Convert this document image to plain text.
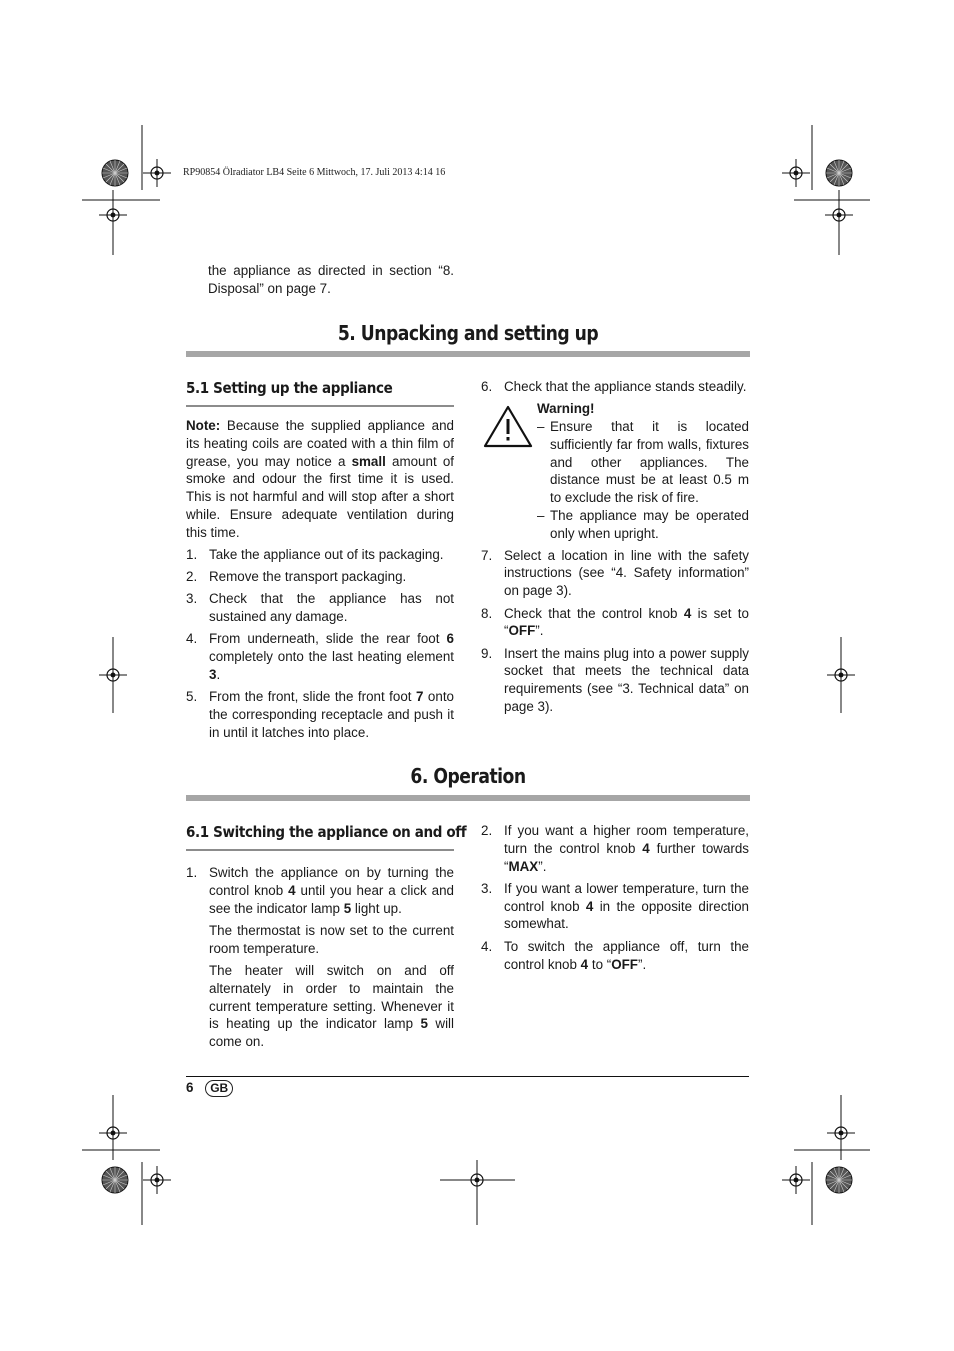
RP90854 Ölradiator LB4 Seite 6 Mittwoch, 17. Juli 2013 4:14 16
the appliance as directed in section “8. Disposal” on page 7.
5. Unpacking and setting up
5.1 Setting up the appliance

Note: Because the supplied appliance and its heating coils are coated with a thin film of grease, you may notice a small amount of smoke and odour the first time it is used. This is not harmful and will stop after a short while. Ensure adequate ventilation during this time.

1. Take the appliance out of its packaging.
2. Remove the transport packaging.
3. Check that the appliance has not sustained any damage.
4. From underneath, slide the rear foot 6 completely onto the last heating element 3.
5. From the front, slide the front foot 7 onto the corresponding receptacle and push it in until it latches into place.
6. Check that the appliance stands steadily.
Warning!
– Ensure that it is located sufficiently far from walls, fixtures and other appliances. The distance must be at least 0.5 m to exclude the risk of fire.
– The appliance may be operated only when upright.
7. Select a location in line with the safety instructions (see “4. Safety information” on page 3).
8. Check that the control knob 4 is set to “OFF”.
9. Insert the mains plug into a power supply socket that meets the technical data requirements (see “3. Technical data” on page 3).
6. Operation
6.1 Switching the appliance on and off
1. Switch the appliance on by turning the control knob 4 until you hear a click and see the indicator lamp 5 light up.
The thermostat is now set to the current room temperature.
The heater will switch on and off alternately in order to maintain the current temperature setting. Whenever it is heating up the indicator lamp 5 will come on.
2. If you want a higher room temperature, turn the control knob 4 further towards “MAX”.
3. If you want a lower temperature, turn the control knob 4 in the opposite direction somewhat.
4. To switch the appliance off, turn the control knob 4 to “OFF”.
6 GB
